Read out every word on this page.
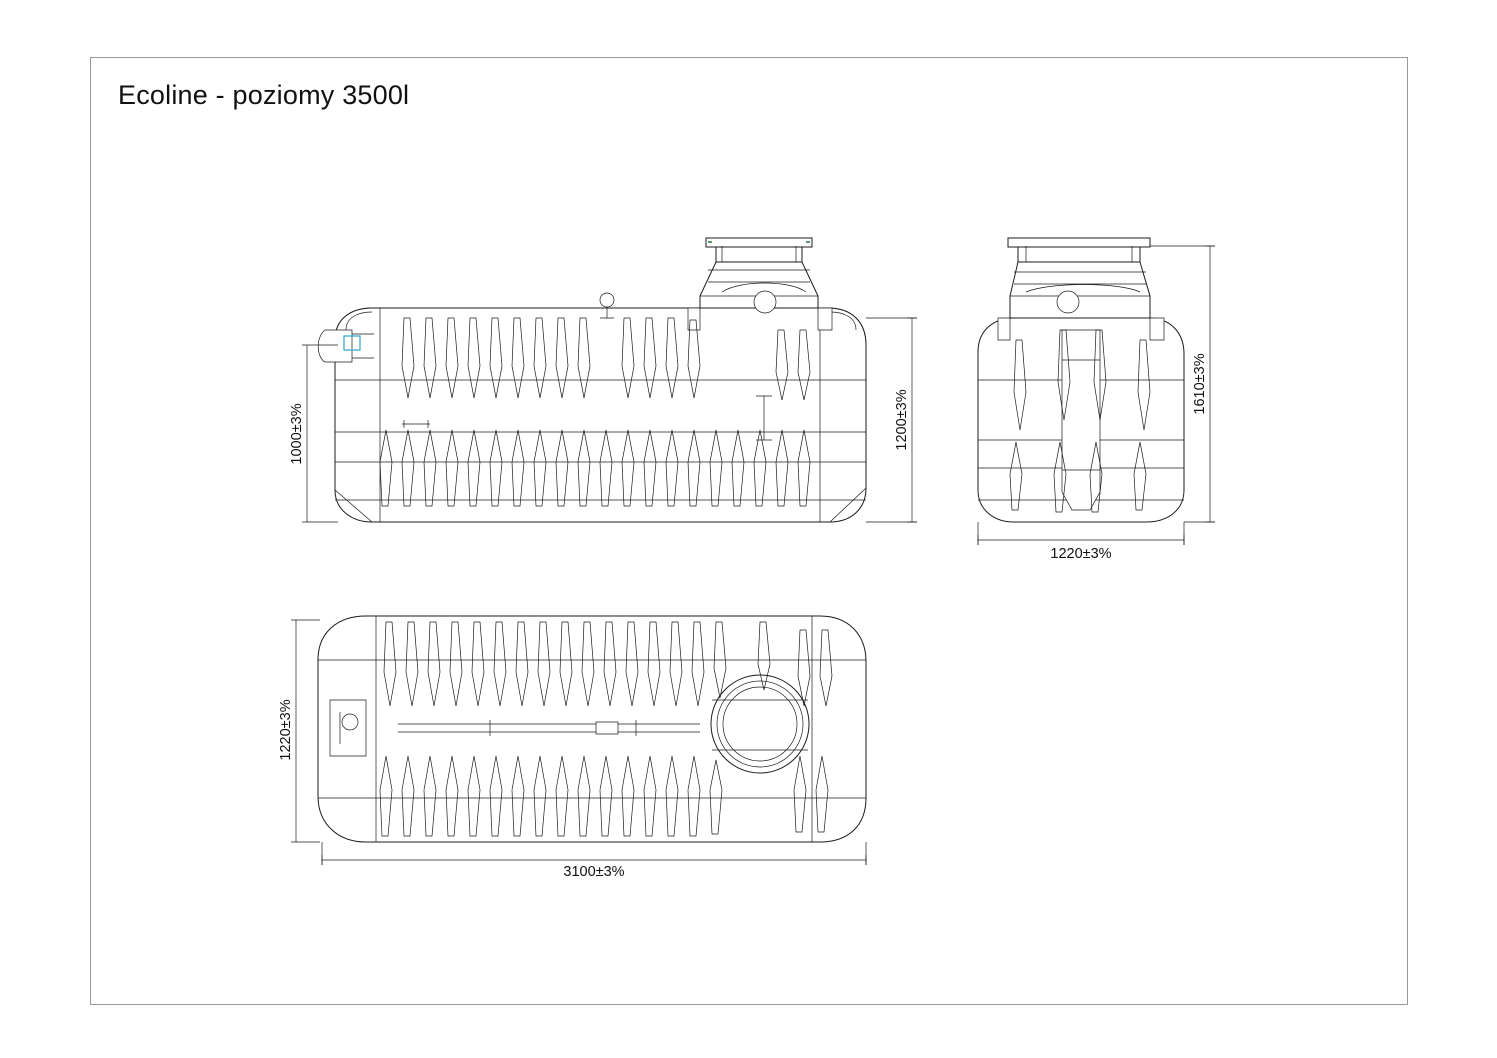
Ecoline - poziomy 3500l
1000±3%	1200±3%
1610±3%
1220±3%
1220±3%
3100±3%
